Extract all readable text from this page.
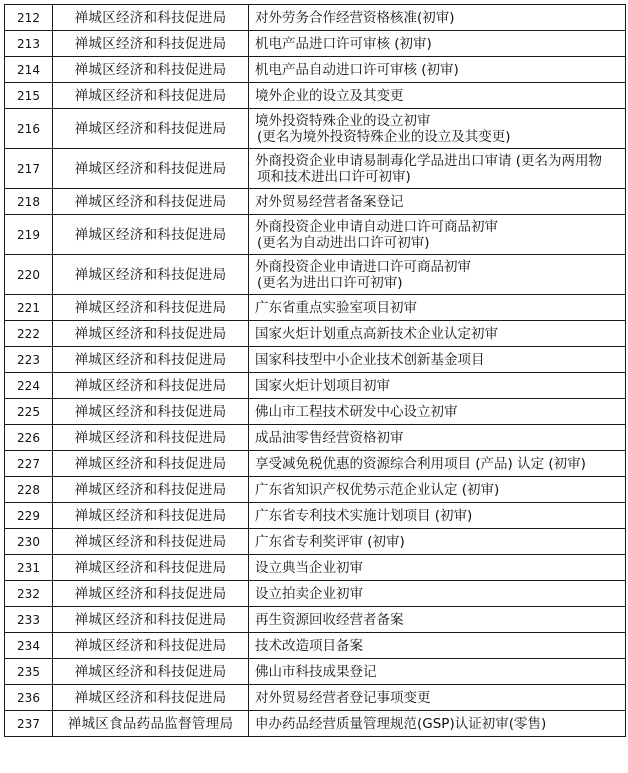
212	禅城区经济和科技促进局	对外劳务合作经营资格核准(初审)

213	禅城区经济和科技促进局	机电产品进口许可审核 (初审)

214	禅城区经济和科技促进局	机电产品自动进口许可审核 (初审)

215	禅城区经济和科技促进局	境外企业的设立及其变更

216	禅城区经济和科技促进局	境外投资特殊企业的设立初审
(更名为境外投资特殊企业的设立及其变更)

217	禅城区经济和科技促进局	外商投资企业申请易制毒化学品进出口审请 (更名为两用物
项和技术进出口许可初审)

218	禅城区经济和科技促进局	对外贸易经营者备案登记

219	禅城区经济和科技促进局	外商投资企业申请自动进口许可商品初审
(更名为自动进出口许可初审)

220	禅城区经济和科技促进局	外商投资企业申请进口许可商品初审
(更名为进出口许可初审)

221	禅城区经济和科技促进局	广东省重点实验室项目初审

222	禅城区经济和科技促进局	国家火炬计划重点高新技术企业认定初审

223	禅城区经济和科技促进局	国家科技型中小企业技术创新基金项目

224	禅城区经济和科技促进局	国家火炬计划项目初审

225	禅城区经济和科技促进局	佛山市工程技术研发中心设立初审

226	禅城区经济和科技促进局	成品油零售经营资格初审

227	禅城区经济和科技促进局	享受减免税优惠的资源综合利用项目 (产品) 认定 (初审)

228	禅城区经济和科技促进局	广东省知识产权优势示范企业认定 (初审)

229	禅城区经济和科技促进局	广东省专利技术实施计划项目 (初审)

230	禅城区经济和科技促进局	广东省专利奖评审 (初审)

231	禅城区经济和科技促进局	设立典当企业初审

232	禅城区经济和科技促进局	设立拍卖企业初审

233	禅城区经济和科技促进局	再生资源回收经营者备案

234	禅城区经济和科技促进局	技术改造项目备案

235	禅城区经济和科技促进局	佛山市科技成果登记

236	禅城区经济和科技促进局	对外贸易经营者登记事项变更

237	禅城区食品药品监督管理局	申办药品经营质量管理规范(GSP)认证初审(零售)
